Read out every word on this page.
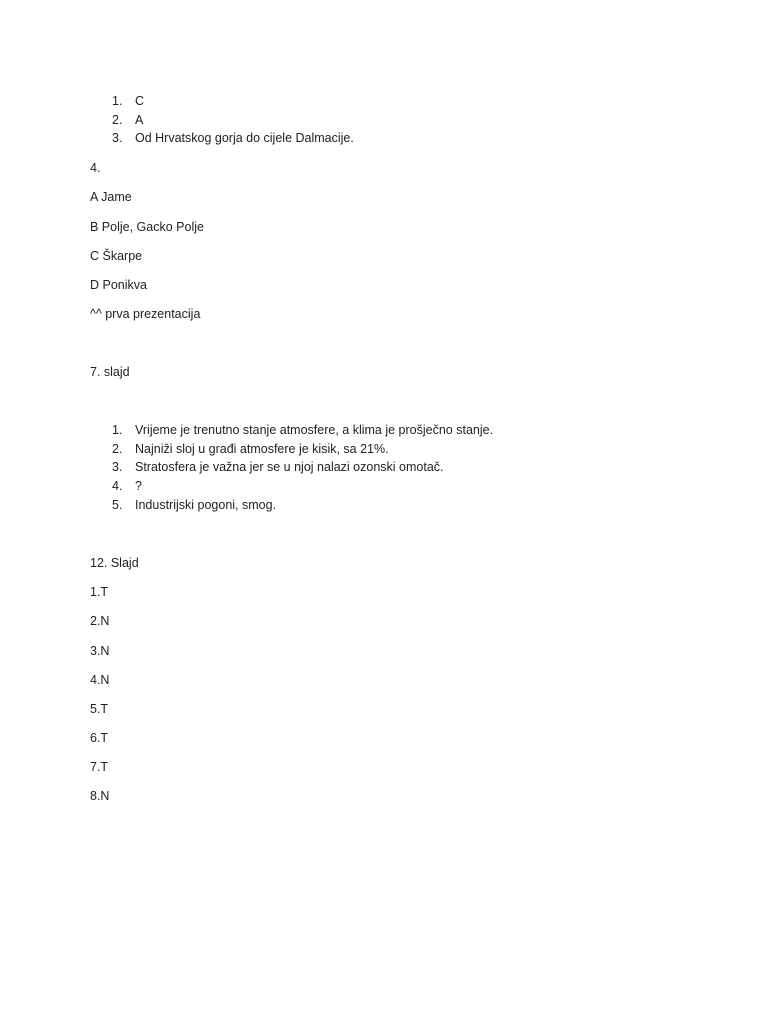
1. C
2. A
3. Od Hrvatskog gorja do cijele Dalmacije.
4.
A Jame
B Polje, Gacko Polje
C Škarpe
D Ponikva
^^ prva prezentacija
7. slajd
1. Vrijeme je trenutno stanje atmosfere, a klima je prošječno stanje.
2. Najniži sloj u građi atmosfere je kisik, sa 21%.
3. Stratosfera je važna jer se u njoj nalazi ozonski omotač.
4. ?
5. Industrijski pogoni, smog.
12. Slajd
1.T
2.N
3.N
4.N
5.T
6.T
7.T
8.N
